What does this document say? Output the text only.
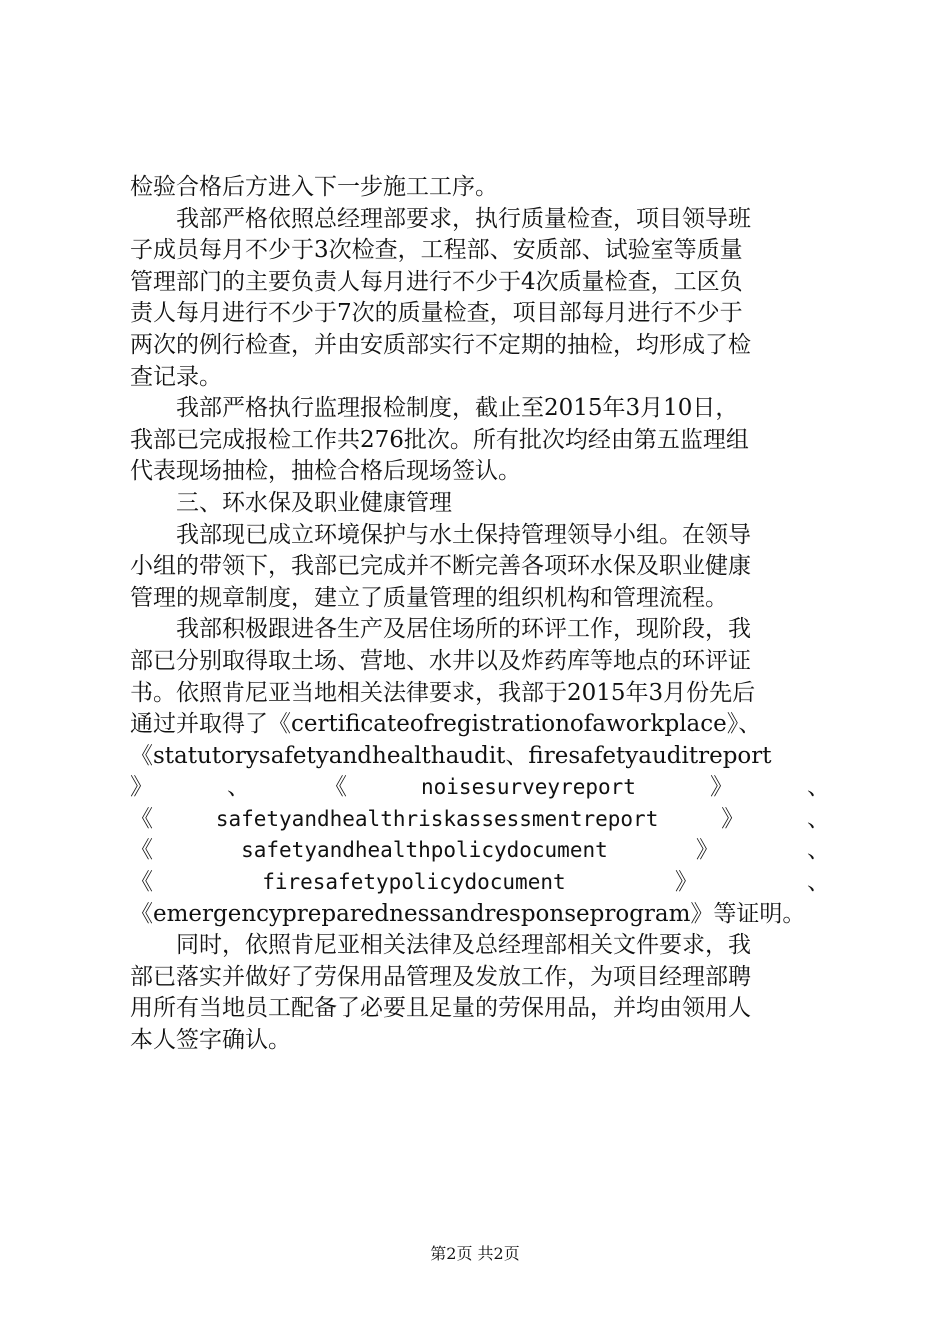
检验合格后方进入下一步施工工序。
我部严格依照总经理部要求，执行质量检查，项目领导班
子成员每月不少于3次检查，工程部、安质部、试验室等质量
管理部门的主要负责人每月进行不少于4次质量检查，工区负
责人每月进行不少于7次的质量检查，项目部每月进行不少于
两次的例行检查，并由安质部实行不定期的抽检，均形成了检
查记录。
我部严格执行监理报检制度，截止至2015年3月10日，
我部已完成报检工作共276批次。所有批次均经由第五监理组
代表现场抽检，抽检合格后现场签认。
三、环水保及职业健康管理
我部现已成立环境保护与水土保持管理领导小组。在领导
小组的带领下，我部已完成并不断完善各项环水保及职业健康
管理的规章制度，建立了质量管理的组织机构和管理流程。
我部积极跟进各生产及居住场所的环评工作，现阶段，我
部已分别取得取土场、营地、水井以及炸药库等地点的环评证
书。依照肯尼亚当地相关法律要求，我部于2015年3月份先后
通过并取得了《certificateofregistrationofaworkplace》、
《statutorysafetyandhealthaudit、firesafetyauditreport
》	、	《	noisesurveyreport	》	、
《	safetyandhealthriskassessmentreport	》	、
《	safetyandhealthpolicydocument	》	、
《	firesafetypolicydocument	》	、
《emergencypreparednessandresponseprogram》等证明。
同时，依照肯尼亚相关法律及总经理部相关文件要求，我
部已落实并做好了劳保用品管理及发放工作，为项目经理部聘
用所有当地员工配备了必要且足量的劳保用品，并均由领用人
本人签字确认。
第2页 共2页
